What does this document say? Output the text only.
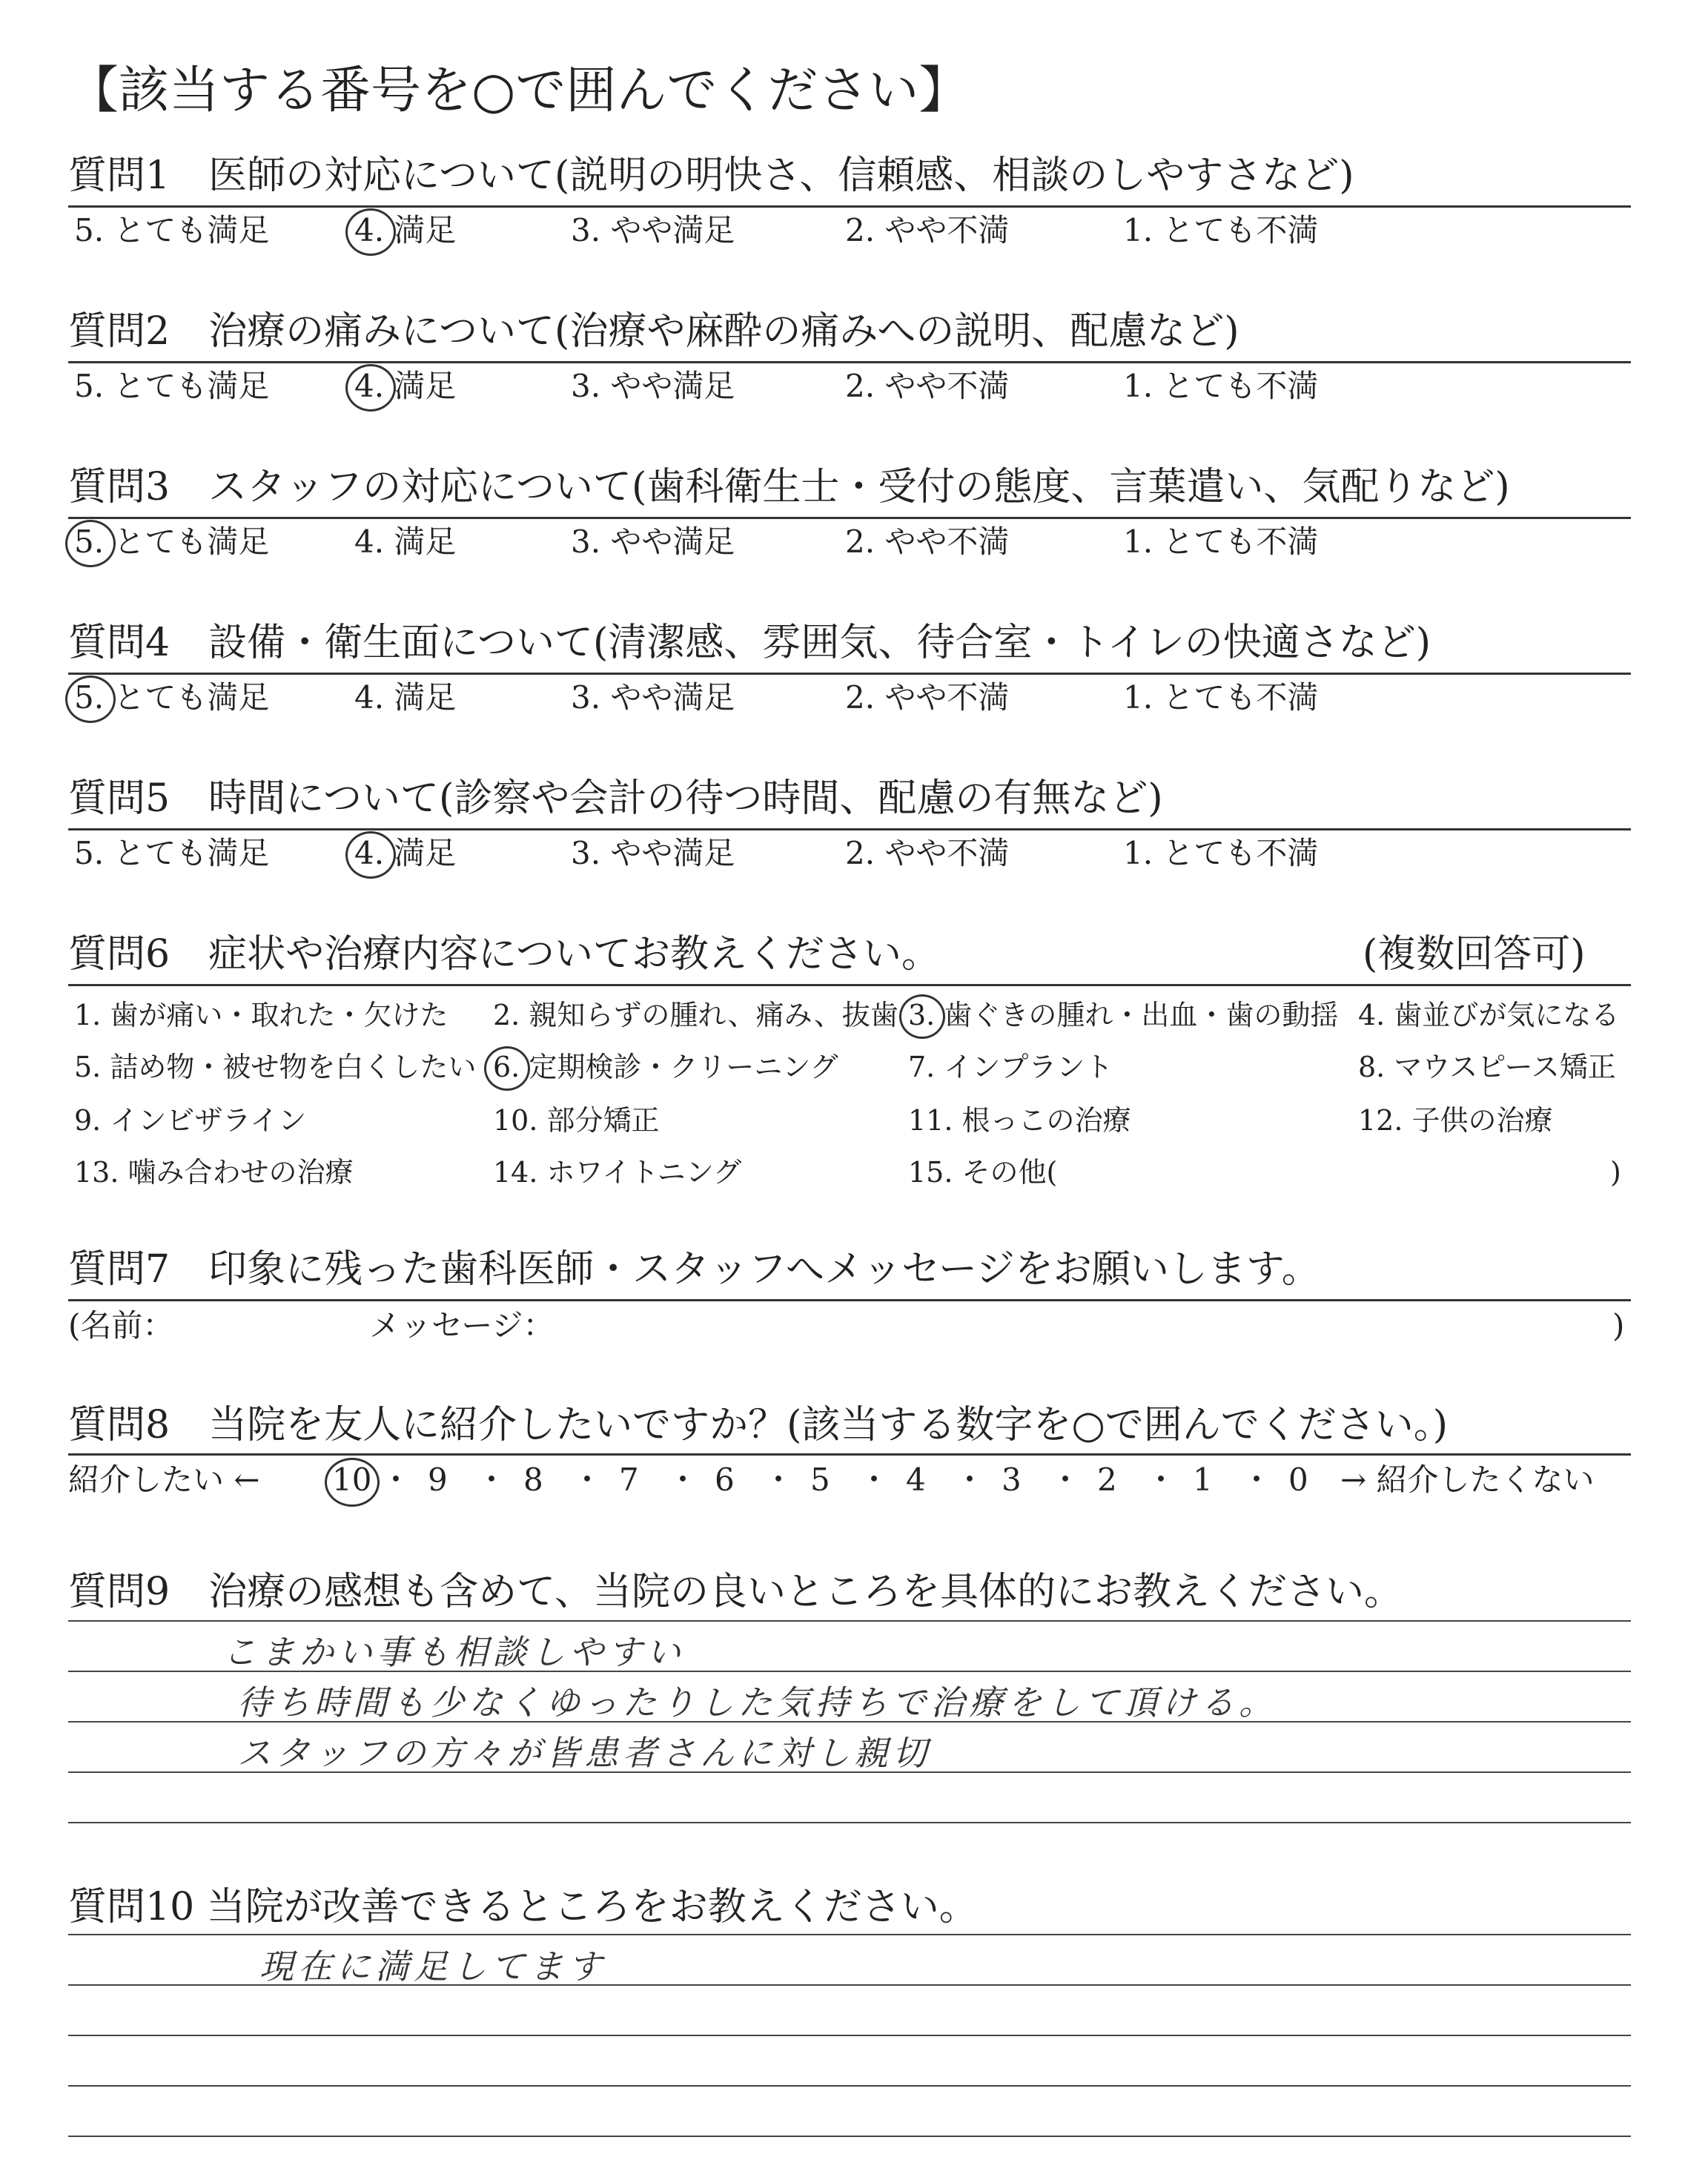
【該当する番号を○で囲んでください】
質問1　医師の対応について(説明の明快さ、信頼感、相談のしやすさなど)
5. とても満足	4. 満足	3. やや満足	2. やや不満	1. とても不満
質問2　治療の痛みについて(治療や麻酔の痛みへの説明、配慮など)
5. とても満足	4. 満足	3. やや満足	2. やや不満	1. とても不満
質問3　スタッフの対応について(歯科衛生士・受付の態度、言葉遣い、気配りなど)
5. とても満足	4. 満足	3. やや満足	2. やや不満	1. とても不満
質問4　設備・衛生面について(清潔感、雰囲気、待合室・トイレの快適さなど)
5. とても満足	4. 満足	3. やや満足	2. やや不満	1. とても不満
質問5　時間について(診察や会計の待つ時間、配慮の有無など)
5. とても満足	4. 満足	3. やや満足	2. やや不満	1. とても不満
質問6　症状や治療内容についてお教えください。	(複数回答可)
1. 歯が痛い・取れた・欠けた 2. 親知らずの腫れ、痛み、抜歯 3. 歯ぐきの腫れ・出血・歯の動揺 4. 歯並びが気になる
5. 詰め物・被せ物を白くしたい 6. 定期検診・クリーニング 7. インプラント	8. マウスピース矯正
9. インビザライン	10. 部分矯正	11. 根っこの治療	12. 子供の治療
13. 噛み合わせの治療	14. ホワイトニング	15. その他(	)
質問7　印象に残った歯科医師・スタッフへメッセージをお願いします。
(名前：	メッセージ：	)
質問8　当院を友人に紹介したいですか？(該当する数字を○で囲んでください。)
紹介したい ← 10 ・ 9 ・ 8 ・ 7 ・ 6 ・ 5 ・ 4 ・ 3 ・ 2 ・ 1 ・ 0 → 紹介したくない
質問9　治療の感想も含めて、当院の良いところを具体的にお教えください。
こまかい事も相談しやすい
待ち時間も少なくゆったりした気持ちで治療をして頂ける。
スタッフの方々が皆患者さんに対し親切
質問10 当院が改善できるところをお教えください。
現在に満足してます
